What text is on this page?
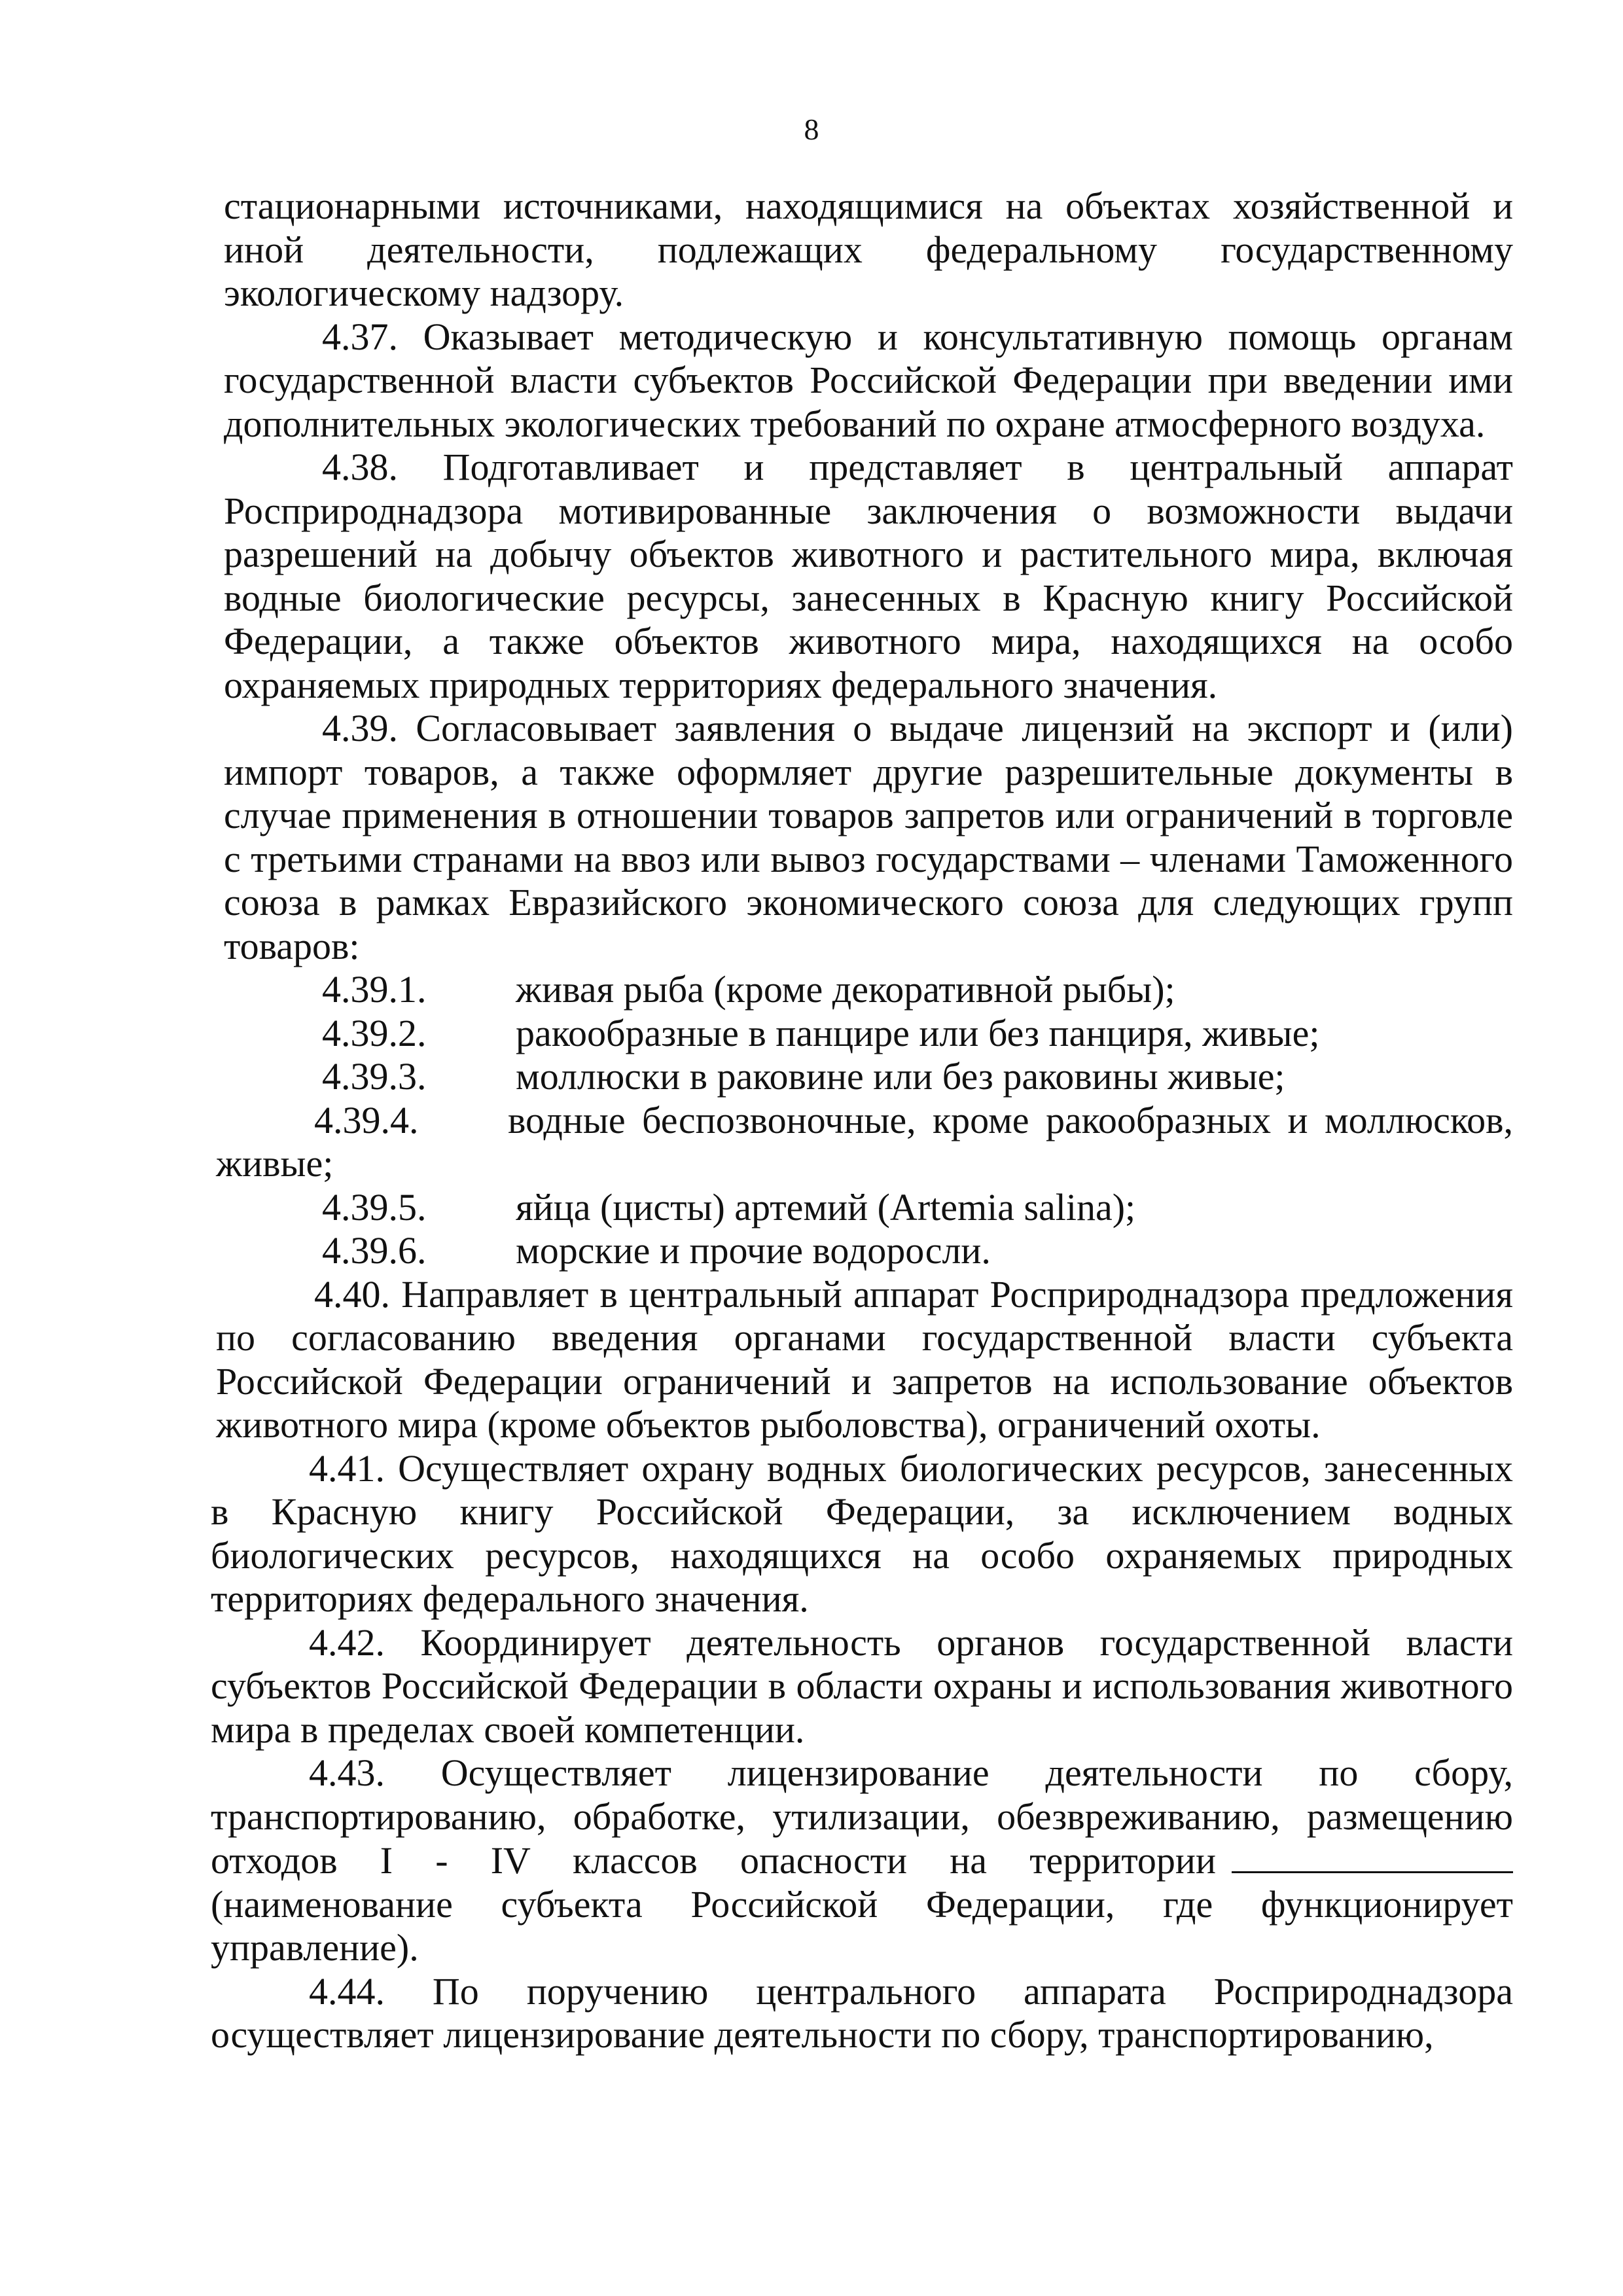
8

стационарными источниками, находящимися на объектах хозяйственной и иной деятельности, подлежащих федеральному государственному экологическому надзору.

4.37. Оказывает методическую и консультативную помощь органам государственной власти субъектов Российской Федерации при введении ими дополнительных экологических требований по охране атмосферного воздуха.

4.38. Подготавливает и представляет в центральный аппарат Росприроднадзора мотивированные заключения о возможности выдачи разрешений на добычу объектов животного и растительного мира, включая водные биологические ресурсы, занесенных в Красную книгу Российской Федерации, а также объектов животного мира, находящихся на особо охраняемых природных территориях федерального значения.

4.39. Согласовывает заявления о выдаче лицензий на экспорт и (или) импорт товаров, а также оформляет другие разрешительные документы в случае применения в отношении товаров запретов или ограничений в торговле с третьими странами на ввоз или вывоз государствами – членами Таможенного союза в рамках Евразийского экономического союза для следующих групп товаров:

4.39.1. живая рыба (кроме декоративной рыбы);

4.39.2. ракообразные в панцире или без панциря, живые;

4.39.3. моллюски в раковине или без раковины живые;

4.39.4. водные беспозвоночные, кроме ракообразных и моллюсков, живые;

4.39.5. яйца (цисты) артемий (Artemia salina);

4.39.6. морские и прочие водоросли.

4.40. Направляет в центральный аппарат Росприроднадзора предложения по согласованию введения органами государственной власти субъекта Российской Федерации ограничений и запретов на использование объектов животного мира (кроме объектов рыболовства), ограничений охоты.

4.41. Осуществляет охрану водных биологических ресурсов, занесенных в Красную книгу Российской Федерации, за исключением водных биологических ресурсов, находящихся на особо охраняемых природных территориях федерального значения.

4.42. Координирует деятельность органов государственной власти субъектов Российской Федерации в области охраны и использования животного мира в пределах своей компетенции.

4.43. Осуществляет лицензирование деятельности по сбору, транспортированию, обработке, утилизации, обезвреживанию, размещению отходов I - IV классов опасности на территории (наименование субъекта Российской Федерации, где функционирует управление).

4.44. По поручению центрального аппарата Росприроднадзора осуществляет лицензирование деятельности по сбору, транспортированию,
